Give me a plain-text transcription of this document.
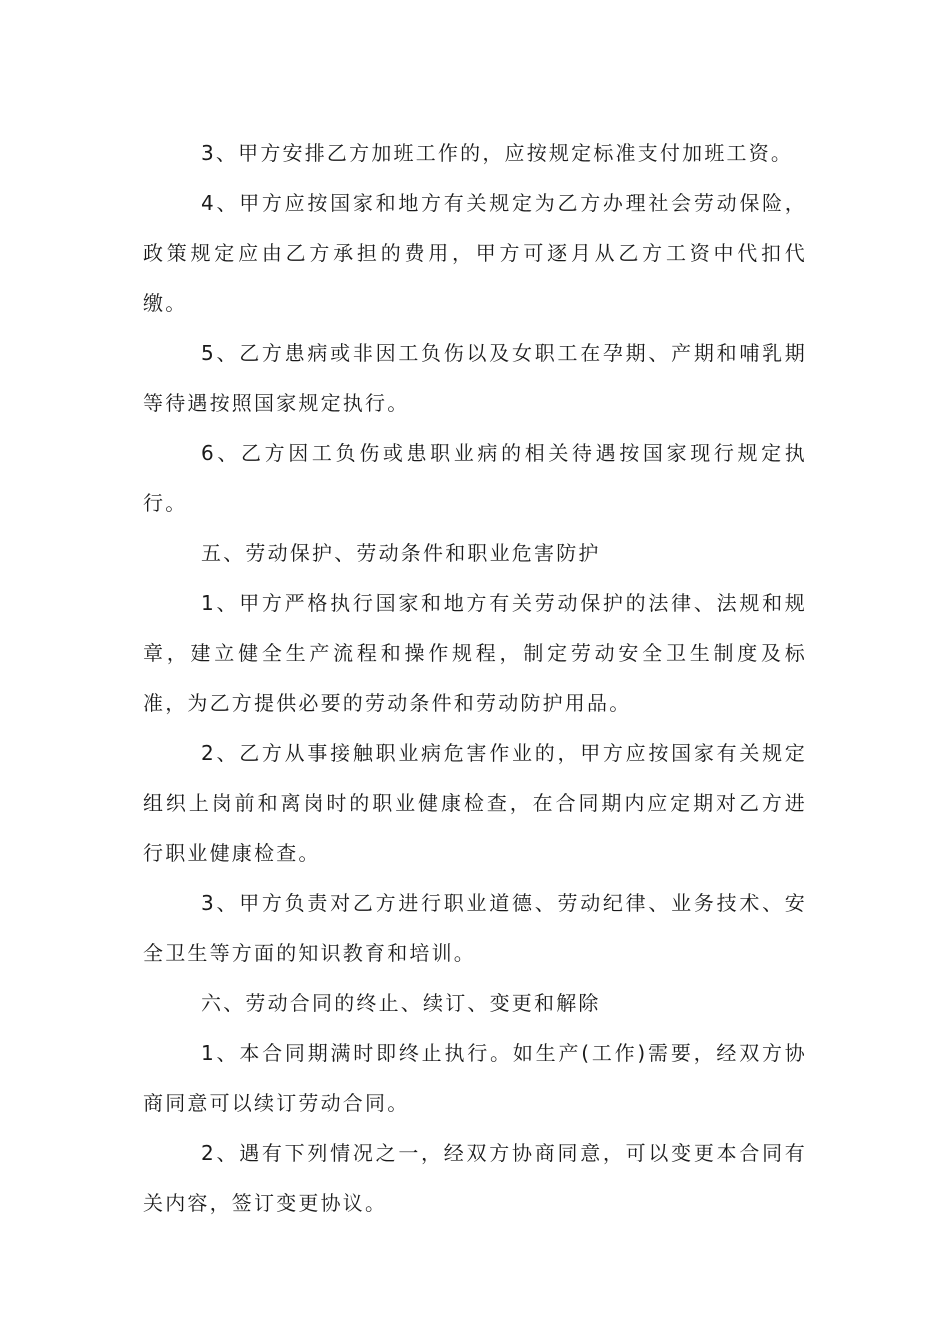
3、甲方安排乙方加班工作的，应按规定标准支付加班工资。

4、甲方应按国家和地方有关规定为乙方办理社会劳动保险，政策规定应由乙方承担的费用，甲方可逐月从乙方工资中代扣代缴。

5、乙方患病或非因工负伤以及女职工在孕期、产期和哺乳期等待遇按照国家规定执行。

6、乙方因工负伤或患职业病的相关待遇按国家现行规定执行。

五、劳动保护、劳动条件和职业危害防护

1、甲方严格执行国家和地方有关劳动保护的法律、法规和规章，建立健全生产流程和操作规程，制定劳动安全卫生制度及标准，为乙方提供必要的劳动条件和劳动防护用品。

2、乙方从事接触职业病危害作业的，甲方应按国家有关规定组织上岗前和离岗时的职业健康检查，在合同期内应定期对乙方进行职业健康检查。

3、甲方负责对乙方进行职业道德、劳动纪律、业务技术、安全卫生等方面的知识教育和培训。

六、劳动合同的终止、续订、变更和解除

1、本合同期满时即终止执行。如生产(工作)需要，经双方协商同意可以续订劳动合同。

2、遇有下列情况之一，经双方协商同意，可以变更本合同有关内容，签订变更协议。
